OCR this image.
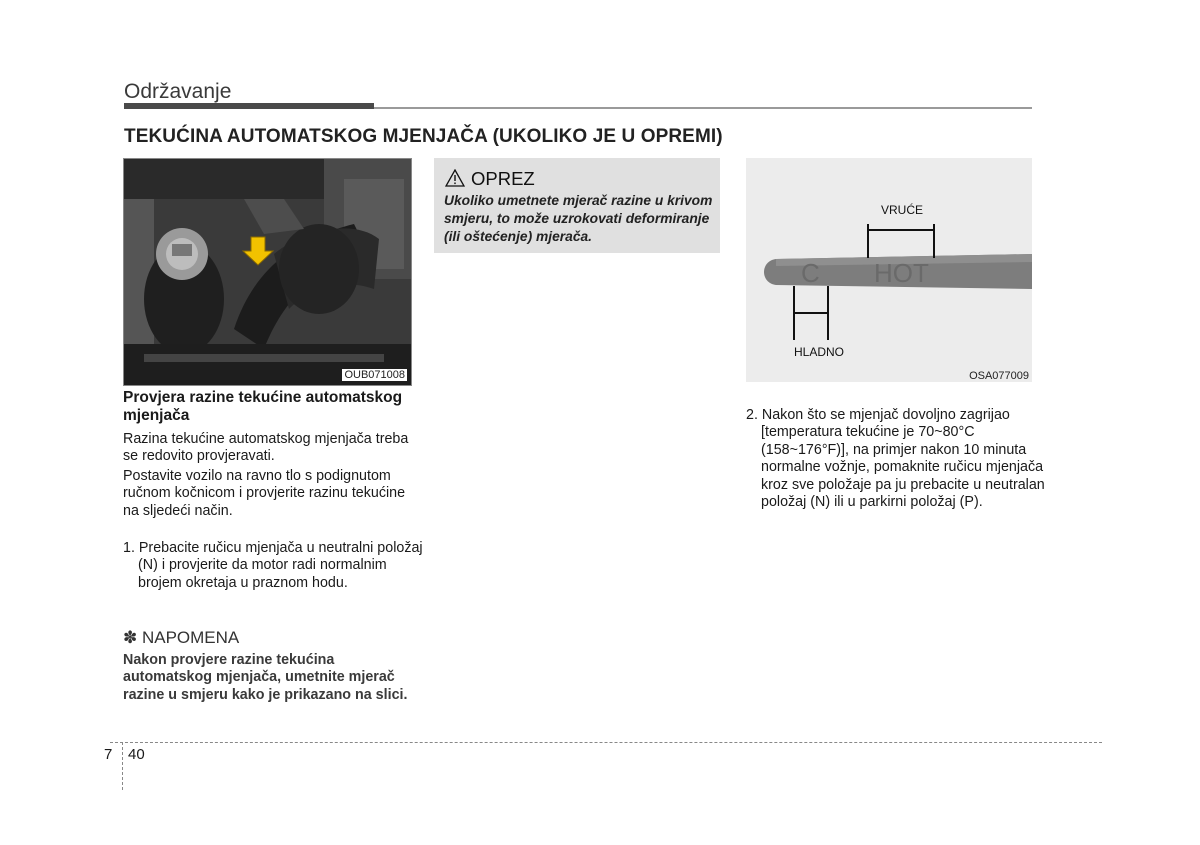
Održavanje
TEKUĆINA AUTOMATSKOG MJENJAČA (UKOLIKO JE U OPREMI)
OUB071008
Provjera razine tekućine automatskog mjenjača
Razina tekućine automatskog mjenjača treba se redovito provjeravati.
Postavite vozilo na ravno tlo s podignutom ručnom kočnicom i provjerite razinu tekućine na sljedeći način.
1. Prebacite ručicu mjenjača u neutralni položaj (N) i provjerite da motor radi normalnim brojem okretaja u praznom hodu.
✽ NAPOMENA
Nakon provjere razine tekućina automatskog mjenjača, umetnite mjerač razine u smjeru kako je prikazano na slici.
OPREZ
Ukoliko umetnete mjerač razine u krivom smjeru, to može uzrokovati deformiranje (ili oštećenje) mjerača.
C HOT
VRUĆE
HLADNO
OSA077009
2. Nakon što se mjenjač dovoljno zagrijao [temperatura tekućine je 70~80°C (158~176°F)], na primjer nakon 10 minuta normalne vožnje, pomaknite ručicu mjenjača kroz sve položaje pa ju prebacite u neutralan položaj (N) ili u parkirni položaj (P).
7 40
